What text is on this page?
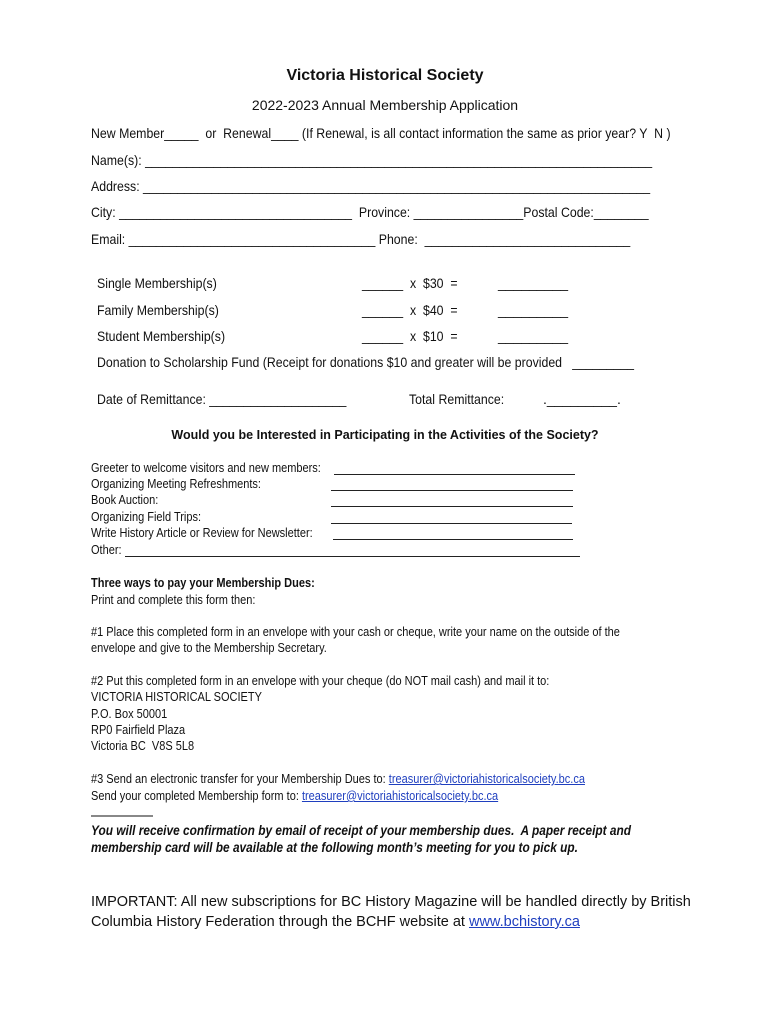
Victoria Historical Society
2022-2023 Annual Membership Application
New Member_____  or  Renewal____ (If Renewal, is all contact information the same as prior year? Y  N )
Name(s): __________________________________________________________________________
Address: __________________________________________________________________________
City: __________________________________  Province: ________________Postal Code:________
Email: ____________________________________ Phone:  ______________________________
Single Membership(s)	______  x  $30  =	_________
Family Membership(s)	______  x  $40  =	_________
Student Membership(s)	______  x  $10  =	_________
Donation to Scholarship Fund (Receipt for donations $10 and greater will be provided   _________
Date of Remittance: ____________________	Total Remittance:	._________.
Would you be Interested in Participating in the Activities of the Society?
Greeter to welcome visitors and new members:
Organizing Meeting Refreshments:
Book Auction:
Organizing Field Trips:
Write History Article or Review for Newsletter:
Other:
Three ways to pay your Membership Dues:
Print and complete this form then:
#1 Place this completed form in an envelope with your cash or cheque, write your name on the outside of the
envelope and give to the Membership Secretary.
#2 Put this completed form in an envelope with your cheque (do NOT mail cash) and mail it to:
VICTORIA HISTORICAL SOCIETY
P.O. Box 50001
RP0 Fairfield Plaza
Victoria BC  V8S 5L8
#3 Send an electronic transfer for your Membership Dues to: treasurer@victoriahistoricalsociety.bc.ca
Send your completed Membership form to: treasurer@victoriahistoricalsociety.bc.ca
You will receive confirmation by email of receipt of your membership dues.  A paper receipt and
membership card will be available at the following month’s meeting for you to pick up.
IMPORTANT: All new subscriptions for BC History Magazine will be handled directly by British Columbia History Federation through the BCHF website at www.bchistory.ca
